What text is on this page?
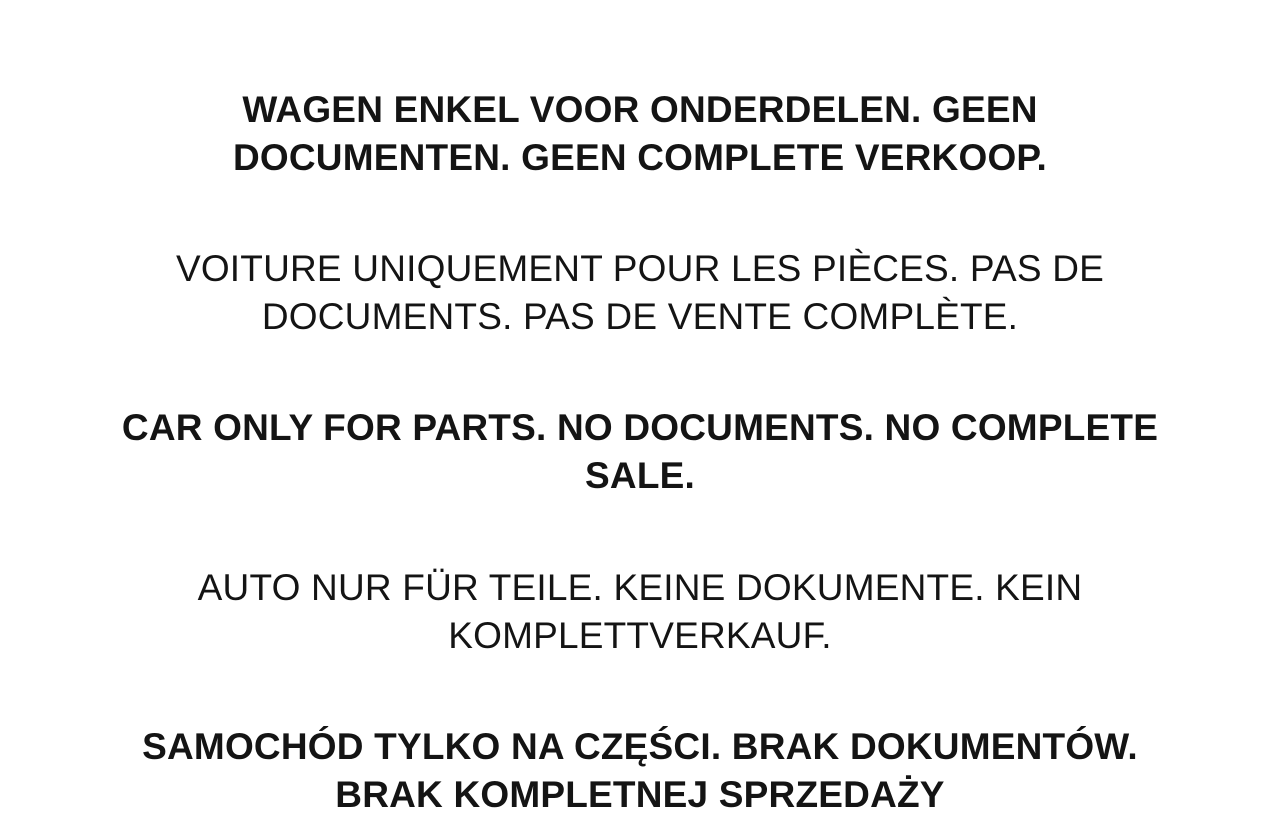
WAGEN ENKEL VOOR ONDERDELEN. GEEN DOCUMENTEN. GEEN COMPLETE VERKOOP.

VOITURE UNIQUEMENT POUR LES PIÈCES. PAS DE DOCUMENTS. PAS DE VENTE COMPLÈTE.

CAR ONLY FOR PARTS. NO DOCUMENTS. NO COMPLETE SALE.

AUTO NUR FÜR TEILE. KEINE DOKUMENTE. KEIN KOMPLETTVERKAUF.

SAMOCHÓD TYLKO NA CZĘŚCI. BRAK DOKUMENTÓW. BRAK KOMPLETNEJ SPRZEDAŻY
